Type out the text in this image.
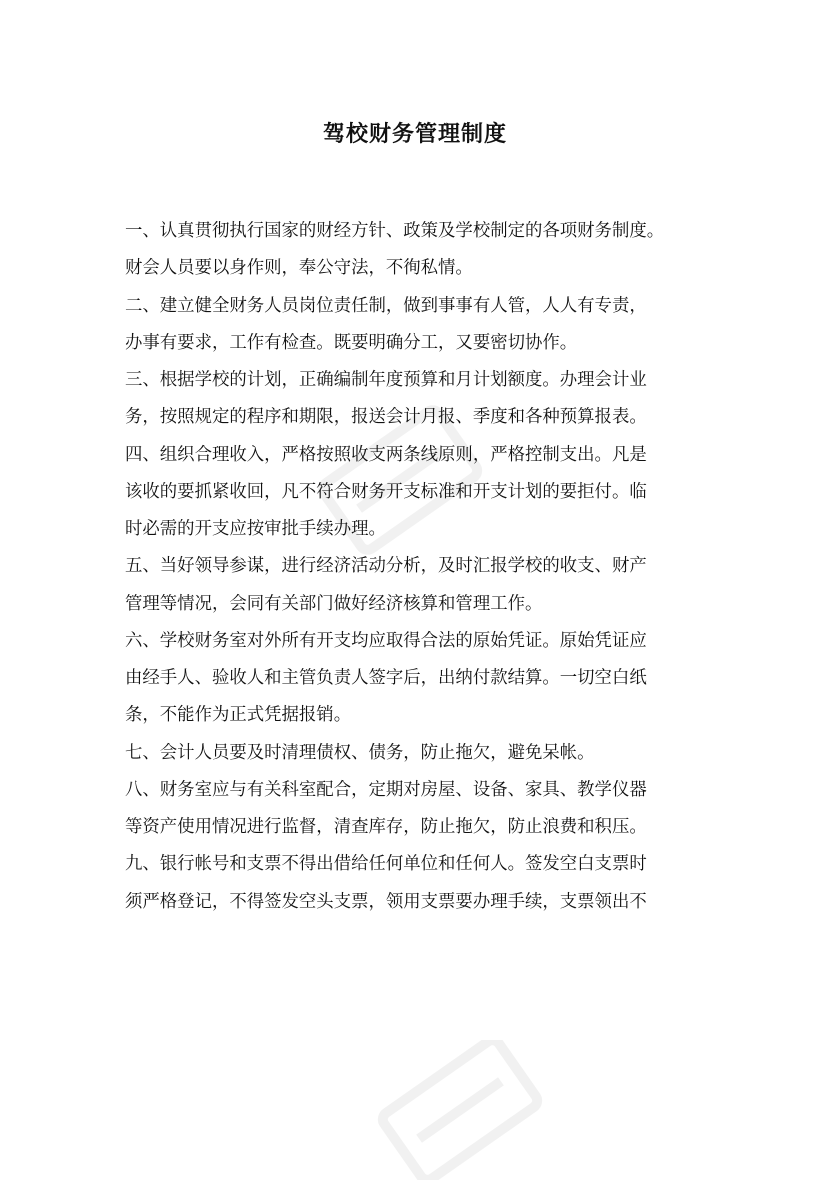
驾校财务管理制度
一、认真贯彻执行国家的财经方针、政策及学校制定的各项财务制度。
财会人员要以身作则，奉公守法，不徇私情。
二、建立健全财务人员岗位责任制，做到事事有人管，人人有专责，
办事有要求，工作有检查。既要明确分工，又要密切协作。
三、根据学校的计划，正确编制年度预算和月计划额度。办理会计业
务，按照规定的程序和期限，报送会计月报、季度和各种预算报表。
四、组织合理收入，严格按照收支两条线原则，严格控制支出。凡是
该收的要抓紧收回，凡不符合财务开支标准和开支计划的要拒付。临
时必需的开支应按审批手续办理。
五、当好领导参谋，进行经济活动分析，及时汇报学校的收支、财产
管理等情况，会同有关部门做好经济核算和管理工作。
六、学校财务室对外所有开支均应取得合法的原始凭证。原始凭证应
由经手人、验收人和主管负责人签字后，出纳付款结算。一切空白纸
条，不能作为正式凭据报销。
七、会计人员要及时清理债权、债务，防止拖欠，避免呆帐。
八、财务室应与有关科室配合，定期对房屋、设备、家具、教学仪器
等资产使用情况进行监督，清查库存，防止拖欠，防止浪费和积压。
九、银行帐号和支票不得出借给任何单位和任何人。签发空白支票时
须严格登记，不得签发空头支票，领用支票要办理手续，支票领出不
